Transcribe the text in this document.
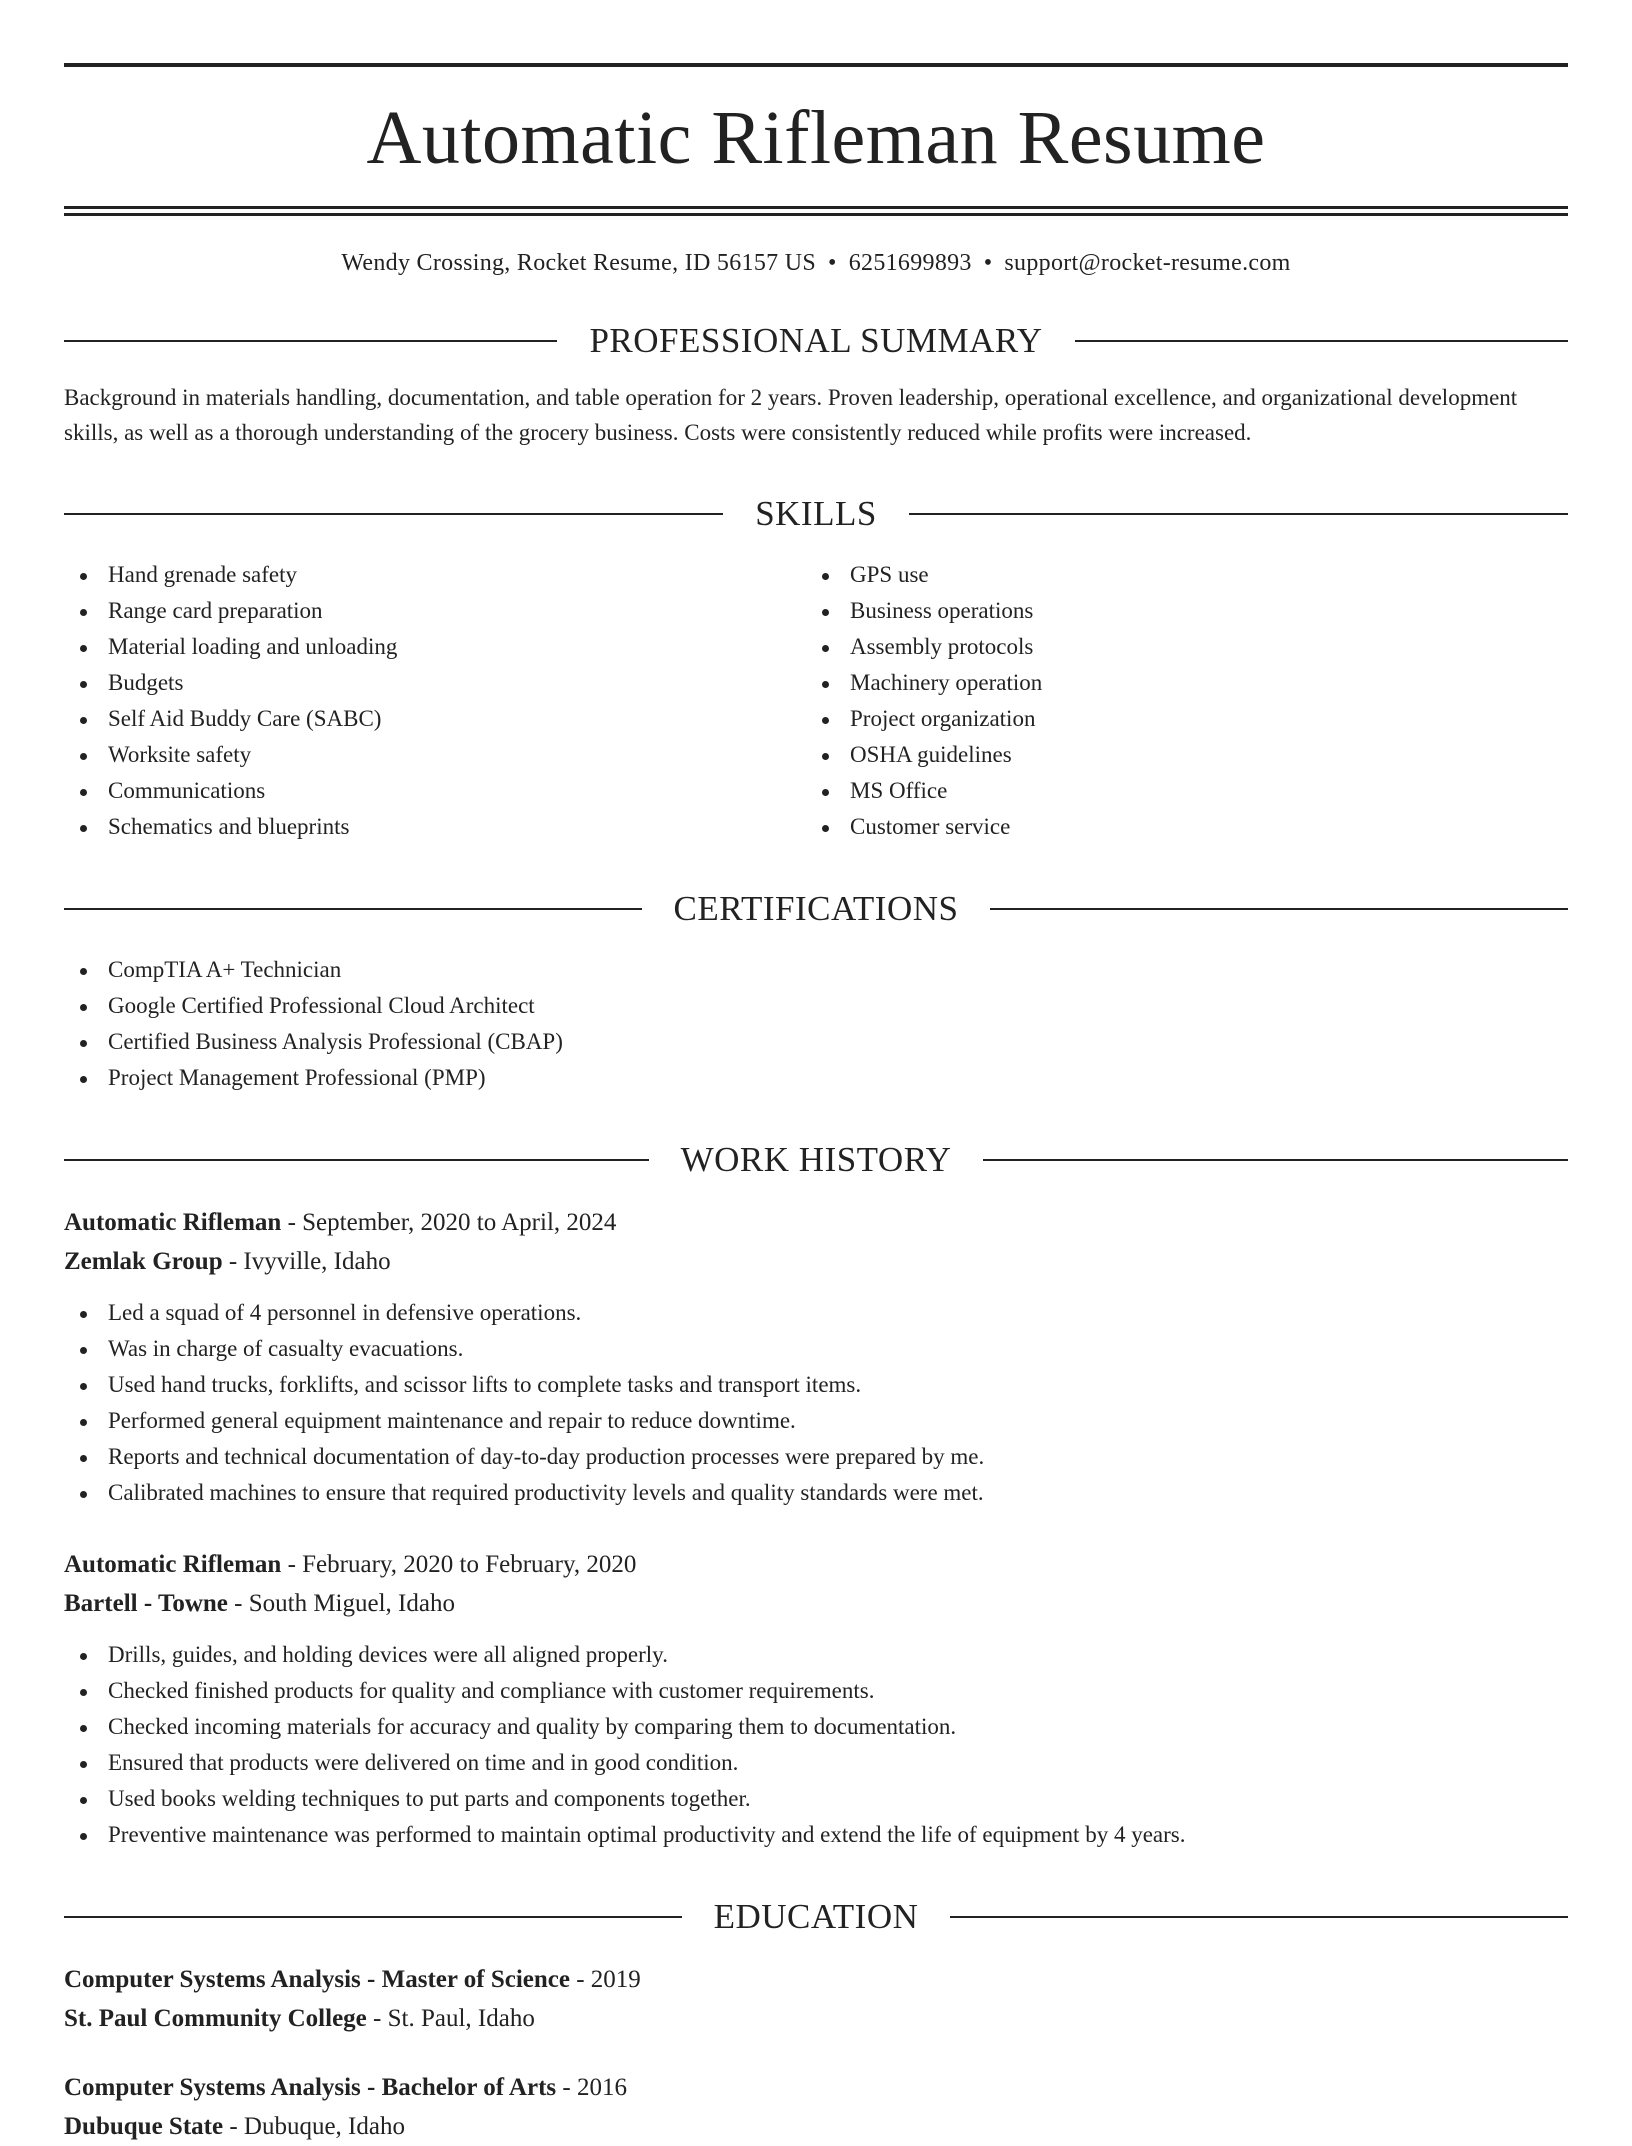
Automatic Rifleman Resume
Wendy Crossing, Rocket Resume, ID 56157 US • 6251699893 • support@rocket-resume.com
PROFESSIONAL SUMMARY
Background in materials handling, documentation, and table operation for 2 years. Proven leadership, operational excellence, and organizational development skills, as well as a thorough understanding of the grocery business. Costs were consistently reduced while profits were increased.
SKILLS
Hand grenade safety
Range card preparation
Material loading and unloading
Budgets
Self Aid Buddy Care (SABC)
Worksite safety
Communications
Schematics and blueprints
GPS use
Business operations
Assembly protocols
Machinery operation
Project organization
OSHA guidelines
MS Office
Customer service
CERTIFICATIONS
CompTIA A+ Technician
Google Certified Professional Cloud Architect
Certified Business Analysis Professional (CBAP)
Project Management Professional (PMP)
WORK HISTORY
Automatic Rifleman - September, 2020 to April, 2024
Zemlak Group - Ivyville, Idaho
Led a squad of 4 personnel in defensive operations.
Was in charge of casualty evacuations.
Used hand trucks, forklifts, and scissor lifts to complete tasks and transport items.
Performed general equipment maintenance and repair to reduce downtime.
Reports and technical documentation of day-to-day production processes were prepared by me.
Calibrated machines to ensure that required productivity levels and quality standards were met.
Automatic Rifleman - February, 2020 to February, 2020
Bartell - Towne - South Miguel, Idaho
Drills, guides, and holding devices were all aligned properly.
Checked finished products for quality and compliance with customer requirements.
Checked incoming materials for accuracy and quality by comparing them to documentation.
Ensured that products were delivered on time and in good condition.
Used books welding techniques to put parts and components together.
Preventive maintenance was performed to maintain optimal productivity and extend the life of equipment by 4 years.
EDUCATION
Computer Systems Analysis - Master of Science - 2019
St. Paul Community College - St. Paul, Idaho
Computer Systems Analysis - Bachelor of Arts - 2016
Dubuque State - Dubuque, Idaho
